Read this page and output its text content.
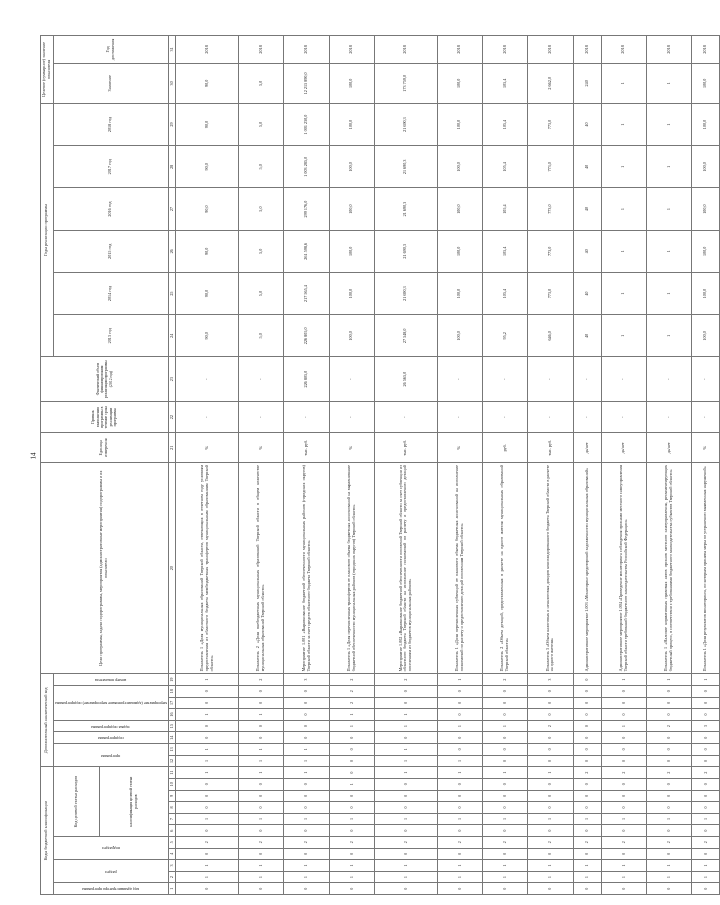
14
Коды бюджетной классификации											Дополнительный аналитический код								Цели программы, задачи подпрограммы, мероприятия (административные мероприятия) подпрограммы и их показатели	Единица измерения	Признак выполнения программы в течение срока реализации программы	Фактический объем финансирования реализации программы (2012 год)	Годы реализации программы						Целевое (суммарное) значение показателя	

код администратора программы	раздел		подраздел		Код целевой статьи расходов						программа		подпрограмма	задача подпрограммы	мероприятие (административное мероприятие) подпрограммы			номер показателя					2013 год	2014 год	2015 год	2016 год	2017 год	2018 год	Значение	Год достижения
					классификация целевой статьи расходов																									
1	2	3	4	5	6	7	8	9	10	11	12	13	14	15	16	17	18	19	20	21	22	23	24	25	26	27	28	29	30	31
0	1	1	0	2	0	1	0	0	0	1	1	1	0	0	1	0	0	1	Показатель 1 «Доля муниципальных образований Тверской области, отвечающих в отчетном году условиям предоставления из областного бюджета межбюджетных трансфертов муниципальным образованиям Тверской области»	%	-	-	90,0	90,0	90,0	90,0	90,0	90,0	90,0	2018
0	1	1	0	2	0	1	0	0	0	1	1	1	0	0	1	0	0	2	Показатель 2 «Доля внебюджетных муниципальных образований Тверской области в общем количестве муниципальных образований Тверской области»	%	-	-	5,0	5,0	5,0	5,0	5,0	5,0	5,0	2018
0	1	1	0	2	0	1	0	0	0	1	1	1	0	0	0	0	0	3	Мероприятие 1.001 «Выравнивание бюджетной обеспеченности муниципальных районов (городских округов) Тверской области за счет средств областного бюджета Тверской области»	тыс. руб.	-	226 805,0	226 805,0	217 565,4	261 598,6	299 176,0	1 003 285,0	1 001 230,0	12 215 890,0	2018
0	1	1	0	2	0	1	0	0	1	0	0	0	0	1	1	2	2	2	Показатель 1 «Доля перечисленных трансфертов от планового объема бюджетных ассигнований на выравнивание бюджетной обеспеченности муниципальных районов (городских округов) Тверской области»	%	-	-	100,0	100,0	100,0	100,0	100,0	100,0	100,0	2018
0	1	1	0	2	0	1	0	0	0	1	1	1	0	1	1	0	0	2	Мероприятие 1.002 «Выравнивание бюджетной обеспеченности поселений Тверской области за счет субвенции из областного бюджета Тверской области на исполнение полномочий по расчету и предоставлению дотаций поселениям из бюджетов муниципальных районов»	тыс. руб.	-	26 565,0	27 548,0	21 690,3	21 690,3	21 690,3	21 690,3	21 690,3	173 759,0	2018
0	1	1	0	2	0	1	0	0	0	1	1	0	0	1	0	0	0	1	Показатель 1 «Доля перечисленных субвенций от планового объема бюджетных ассигнований на исполнение полномочий по расчету и предоставлению дотаций поселениям Тверской области»	%	-	-	100,0	100,0	100,0	100,0	100,0	100,0	100,0	2018
0	1	1	0	2	0	1	0	0	0	1	0	0	0	1	0	0	0	2	Показатель 2 «Объем дотаций, предоставленных в расчете на одного жителя муниципальных образований Тверской области»	руб.	-	-	95,2	105,4	105,4	105,4	105,4	105,4	105,4	2018
0	1	1	0	2	0	1	0	0	0	1	0	0	0	2	0	0	0	3	Показатель 3 «Объем налоговых и неналоговых доходов консолидированного бюджета Тверской области в расчете на одного жителя»	тыс. руб.	-	-	646,0	773,0	773,0	773,0	773,0	773,0	2 662,0	2018
0	1	1	0	2	0	1	0	0	0	2	0	0	0	0	0	0	0	0	Административное мероприятие 1.003 «Мониторинг кредиторской задолженности муниципальных образований»	да/нет	-	-	40	40	40	40	40	40	240	2018
0	1	1	0	2	0	1	0	0	0	2	0	0	0	1	0	0	0	1	Административное мероприятие 1.004 «Проведение мониторинга соблюдения органами местного самоуправления Тверской области требований бюджетного законодательства Российской Федерации»	да/нет	-	-	1	1	1	1	1	1	1	2018
0	1	1	0	2	0	1	0	0	0	2	0	0	0	2	0	0	0	1	Показатель 1 «Наличие нормативных правовых актов органов местного самоуправления, регламентирующих бюджетный процесс, в соответствии с требованиями бюджетного законодательства субъектов Тверской области»	да/нет	-	-	1	1	1	1	1	1	1	2018
0	1	1	0	2	0	1	0	0	0	2	0	0	0	3	0	0	0	1	Показатель 1 «Доля результатов мониторинга, по которым приняты меры по устранению выявленных нарушений»	%	-	-	100,0	100,0	100,0	100,0	100,0	100,0	100,0	2018
